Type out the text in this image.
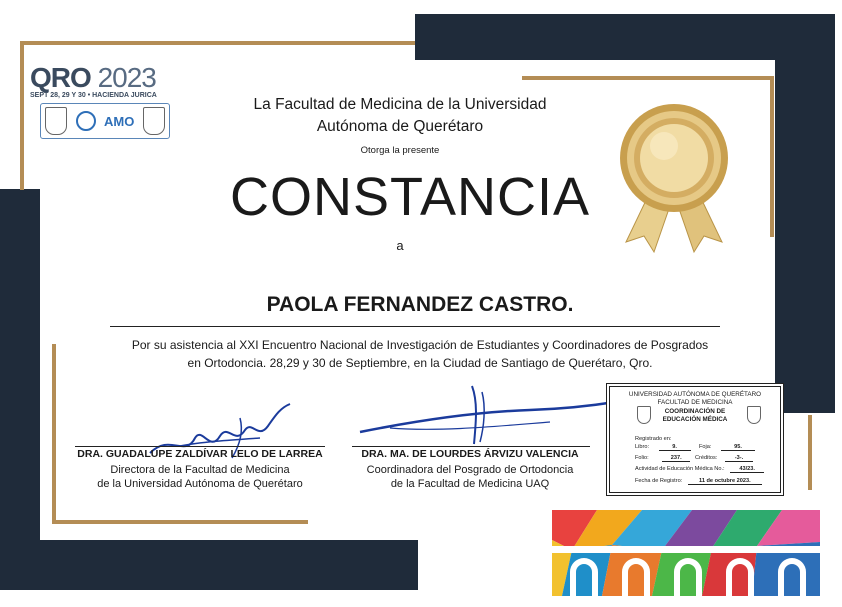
QRO 2023
SEPT 28, 29 Y 30 • HACIENDA JURICA
AMO
La Facultad de Medicina de la Universidad
Autónoma de Querétaro
Otorga la presente
CONSTANCIA
a
PAOLA FERNANDEZ CASTRO.
Por su asistencia al XXI Encuentro Nacional de Investigación de Estudiantes y Coordinadores de Posgrados
en Ortodoncia. 28,29 y 30 de Septiembre, en la Ciudad de Santiago de Querétaro, Qro.
DRA. GUADALUPE ZALDÍVAR LELO DE LARREA
Directora de la Facultad de Medicina
de la Universidad Autónoma de Querétaro
DRA. MA. DE LOURDES ÁRVIZU VALENCIA
Coordinadora del Posgrado de Ortodoncia
de la Facultad de Medicina UAQ
UNIVERSIDAD AUTÓNOMA DE QUERÉTARO
FACULTAD DE MEDICINA
COORDINACIÓN DE
EDUCACIÓN MÉDICA
Registrado en:
Libro:	9.	Foja:	95.
Folio:	237.	Créditos:	-3-.
Actividad de Educación Médica No.:	43/23.
Fecha de Registro:	11 de octubre 2023.
